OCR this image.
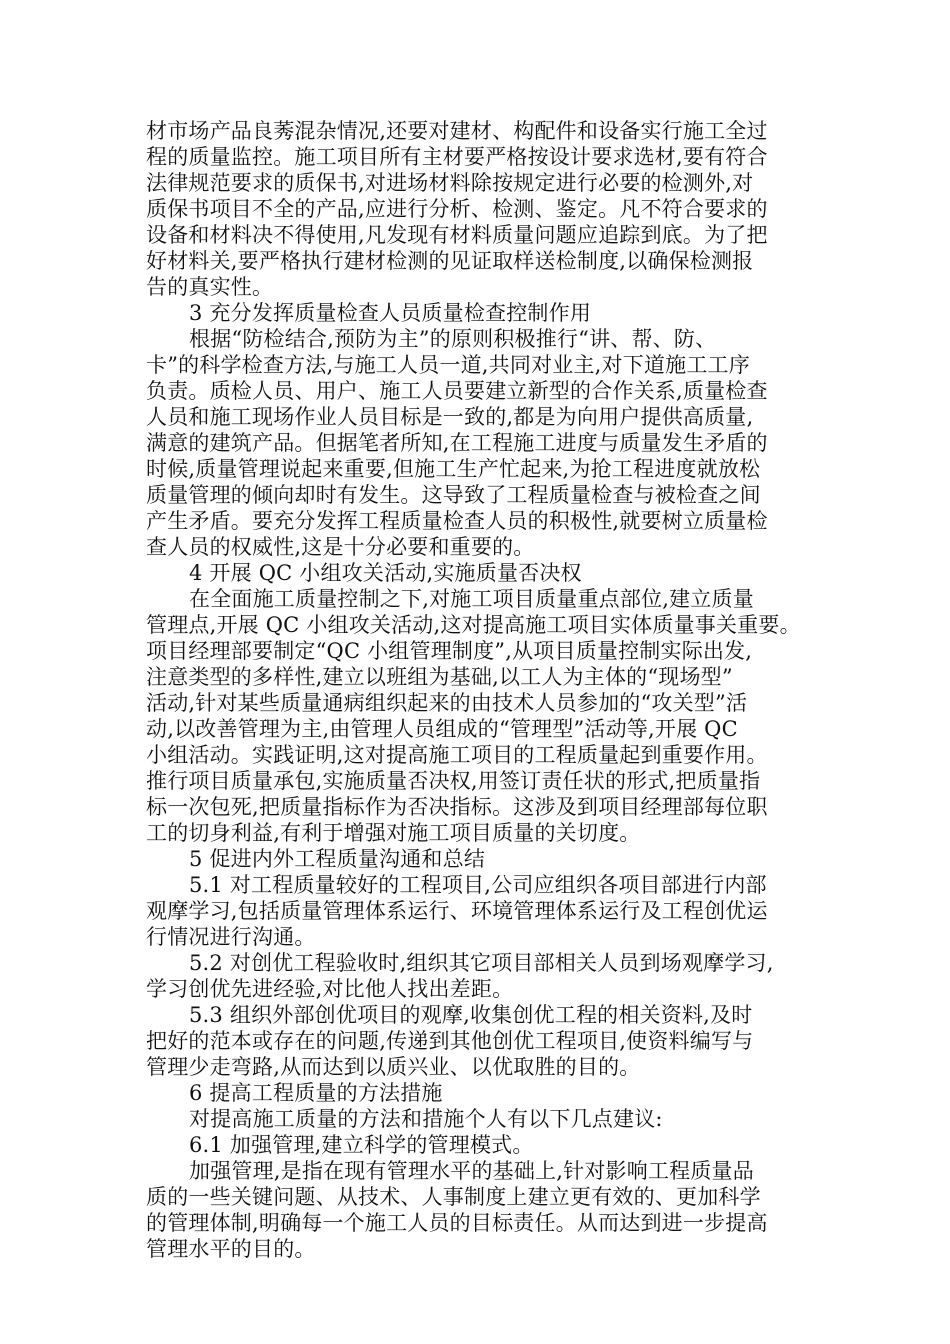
材市场产品良莠混杂情况,还要对建材、构配件和设备实行施工全过
程的质量监控。施工项目所有主材要严格按设计要求选材,要有符合
法律规范要求的质保书,对进场材料除按规定进行必要的检测外,对
质保书项目不全的产品,应进行分析、检测、鉴定。凡不符合要求的
设备和材料决不得使用,凡发现有材料质量问题应追踪到底。为了把
好材料关,要严格执行建材检测的见证取样送检制度,以确保检测报
告的真实性。
3 充分发挥质量检查人员质量检查控制作用
根据“防检结合,预防为主”的原则积极推行“讲、帮、防、
卡”的科学检查方法,与施工人员一道,共同对业主,对下道施工工序
负责。质检人员、用户、施工人员要建立新型的合作关系,质量检查
人员和施工现场作业人员目标是一致的,都是为向用户提供高质量,
满意的建筑产品。但据笔者所知,在工程施工进度与质量发生矛盾的
时候,质量管理说起来重要,但施工生产忙起来,为抢工程进度就放松
质量管理的倾向却时有发生。这导致了工程质量检查与被检查之间
产生矛盾。要充分发挥工程质量检查人员的积极性,就要树立质量检
查人员的权威性,这是十分必要和重要的。
4 开展 QC 小组攻关活动,实施质量否决权
在全面施工质量控制之下,对施工项目质量重点部位,建立质量
管理点,开展 QC 小组攻关活动,这对提高施工项目实体质量事关重要。
项目经理部要制定“QC 小组管理制度”,从项目质量控制实际出发,
注意类型的多样性,建立以班组为基础,以工人为主体的“现场型”
活动,针对某些质量通病组织起来的由技术人员参加的“攻关型”活
动,以改善管理为主,由管理人员组成的“管理型”活动等,开展 QC
小组活动。实践证明,这对提高施工项目的工程质量起到重要作用。
推行项目质量承包,实施质量否决权,用签订责任状的形式,把质量指
标一次包死,把质量指标作为否决指标。这涉及到项目经理部每位职
工的切身利益,有利于增强对施工项目质量的关切度。
5 促进内外工程质量沟通和总结
5.1 对工程质量较好的工程项目,公司应组织各项目部进行内部
观摩学习,包括质量管理体系运行、环境管理体系运行及工程创优运
行情况进行沟通。
5.2 对创优工程验收时,组织其它项目部相关人员到场观摩学习,
学习创优先进经验,对比他人找出差距。
5.3 组织外部创优项目的观摩,收集创优工程的相关资料,及时
把好的范本或存在的问题,传递到其他创优工程项目,使资料编写与
管理少走弯路,从而达到以质兴业、以优取胜的目的。
6 提高工程质量的方法措施
对提高施工质量的方法和措施个人有以下几点建议:
6.1 加强管理,建立科学的管理模式。
加强管理,是指在现有管理水平的基础上,针对影响工程质量品
质的一些关键问题、从技术、人事制度上建立更有效的、更加科学
的管理体制,明确每一个施工人员的目标责任。从而达到进一步提高
管理水平的目的。
